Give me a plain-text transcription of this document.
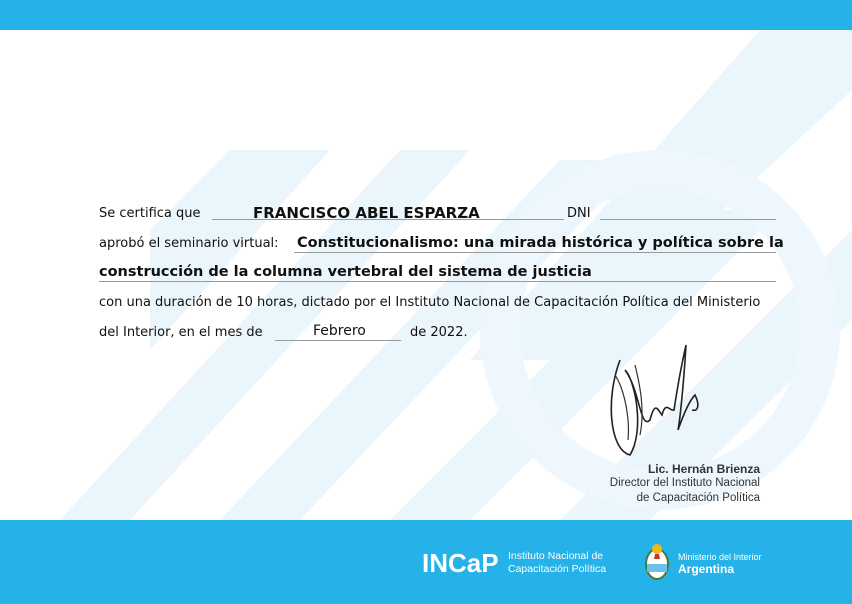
Se certifica que	FRANCISCO ABEL ESPARZA	DNI
aprobó el seminario virtual: Constitucionalismo: una mirada histórica y política sobre la
construcción de la columna vertebral del sistema de justicia
con una duración de 10 horas, dictado por el Instituto Nacional de Capacitación Política del Ministerio
del Interior, en el mes de	Febrero	de 2022.
Lic. Hernán Brienza
Director del Instituto Nacional
de Capacitación Política
INCaP Instituto Nacional de
Capacitación Política
Ministerio del Interior
Argentina
